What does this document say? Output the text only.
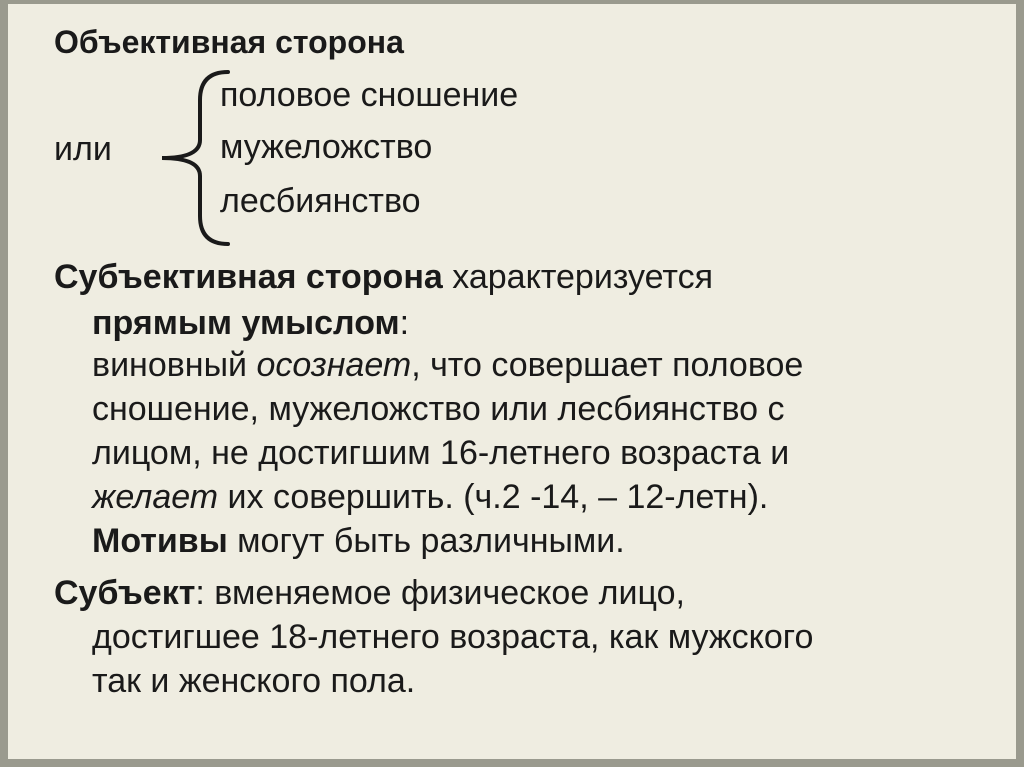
Объективная сторона
половое сношение
или	мужеложство
лесбиянство
Субъективная сторона характеризуется
прямым умыслом:
виновный осознает, что совершает половое
сношение, мужеложство или лесбиянство с
лицом, не достигшим 16-летнего возраста и
желает их совершить. (ч.2 -14, – 12-летн).
Мотивы могут быть различными.
Субъект: вменяемое физическое лицо,
достигшее 18-летнего возраста, как мужского
так и женского пола.
